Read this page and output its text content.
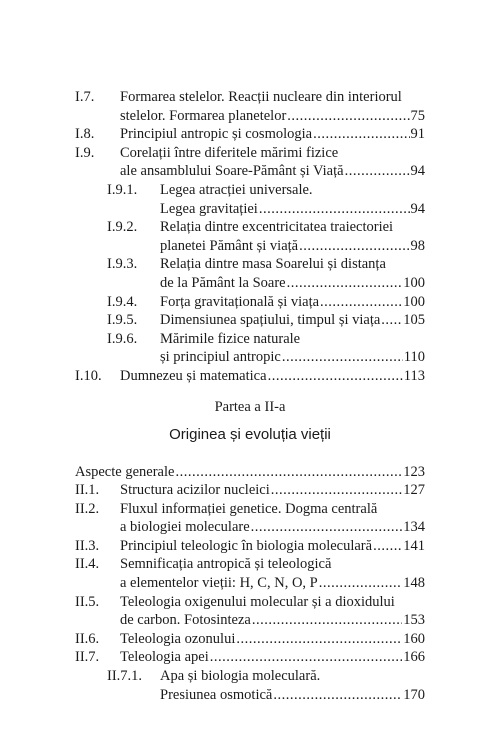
I.7. Formarea stelelor. Reacții nucleare din interiorul
stelelor. Formarea planetelor .....	75
I.8. Principiul antropic și cosmologia .....	91
I.9. Corelații între diferitele mărimi fizice
ale ansamblului Soare-Pământ și Viață .....	94
I.9.1. Legea atracției universale.
Legea gravitației .....	94
I.9.2. Relația dintre excentricitatea traiectoriei
planetei Pământ și viață .....	98
I.9.3. Relația dintre masa Soarelui și distanța
de la Pământ la Soare .....	100
I.9.4. Forța gravitațională și viața .....	100
I.9.5. Dimensiunea spațiului, timpul și viața ..... 105
I.9.6. Mărimile fizice naturale
și principiul antropic .....	110
I.10. Dumnezeu și matematica .....	113
Partea a II-a
Originea și evoluția vieții
Aspecte generale .....	123
II.1. Structura acizilor nucleici .....	127
II.2. Fluxul informației genetice. Dogma centrală
a biologiei moleculare .....	134
II.3. Principiul teleologic în biologia moleculară ..... 141
II.4. Semnificația antropică și teleologică
a elementelor vieții: H, C, N, O, P .....	148
II.5. Teleologia oxigenului molecular și a dioxidului
de carbon. Fotosinteza .....	153
II.6. Teleologia ozonului .....	160
II.7. Teleologia apei .....	166
II.7.1. Apa și biologia moleculară.
Presiunea osmotică .....	170
